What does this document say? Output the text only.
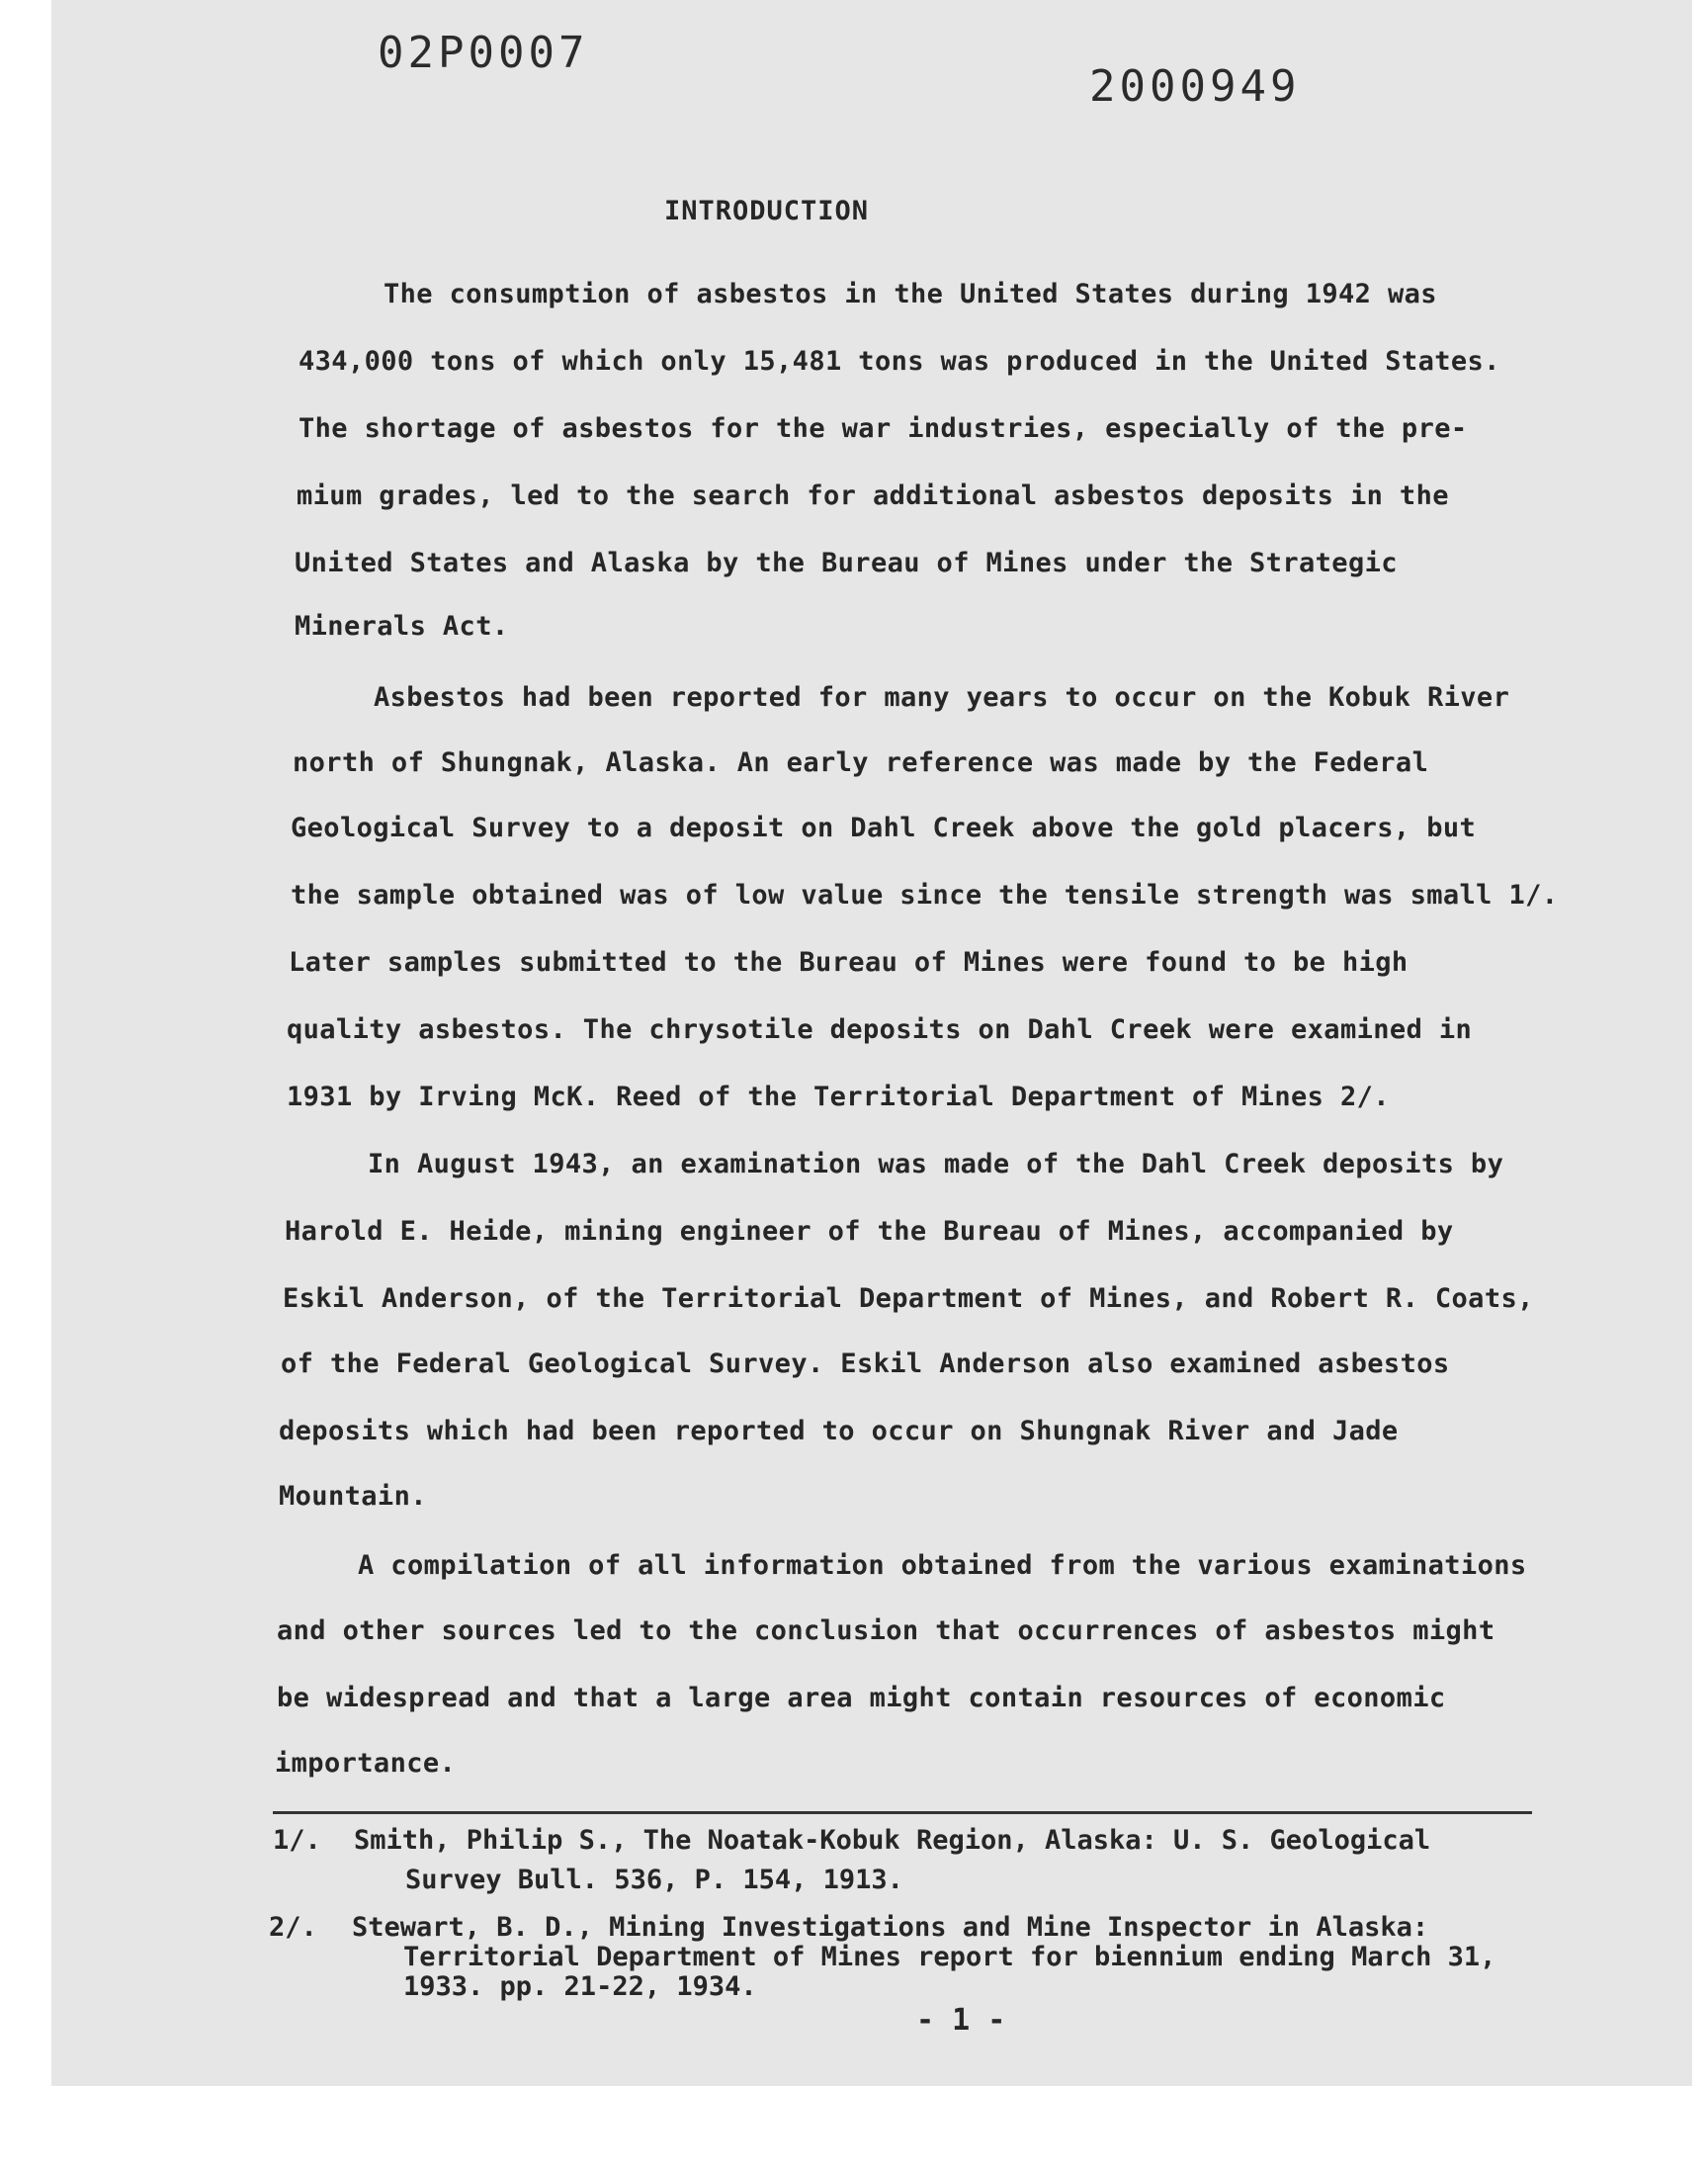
02P0007
2000949
INTRODUCTION
The consumption of asbestos in the United States during 1942 was
434,000 tons of which only 15,481 tons was produced in the United States.
The shortage of asbestos for the war industries, especially of the pre-
mium grades, led to the search for additional asbestos deposits in the
United States and Alaska by the Bureau of Mines under the Strategic
Minerals Act.
Asbestos had been reported for many years to occur on the Kobuk River
north of Shungnak, Alaska. An early reference was made by the Federal
Geological Survey to a deposit on Dahl Creek above the gold placers, but
the sample obtained was of low value since the tensile strength was small 1/.
Later samples submitted to the Bureau of Mines were found to be high
quality asbestos. The chrysotile deposits on Dahl Creek were examined in
1931 by Irving McK. Reed of the Territorial Department of Mines 2/.
In August 1943, an examination was made of the Dahl Creek deposits by
Harold E. Heide, mining engineer of the Bureau of Mines, accompanied by
Eskil Anderson, of the Territorial Department of Mines, and Robert R. Coats,
of the Federal Geological Survey. Eskil Anderson also examined asbestos
deposits which had been reported to occur on Shungnak River and Jade
Mountain.
A compilation of all information obtained from the various examinations
and other sources led to the conclusion that occurrences of asbestos might
be widespread and that a large area might contain resources of economic
importance.
1/. Smith, Philip S., The Noatak-Kobuk Region, Alaska: U. S. Geological
Survey Bull. 536, P. 154, 1913.
2/. Stewart, B. D., Mining Investigations and Mine Inspector in Alaska:
Territorial Department of Mines report for biennium ending March 31,
1933. pp. 21-22, 1934.
- 1 -
